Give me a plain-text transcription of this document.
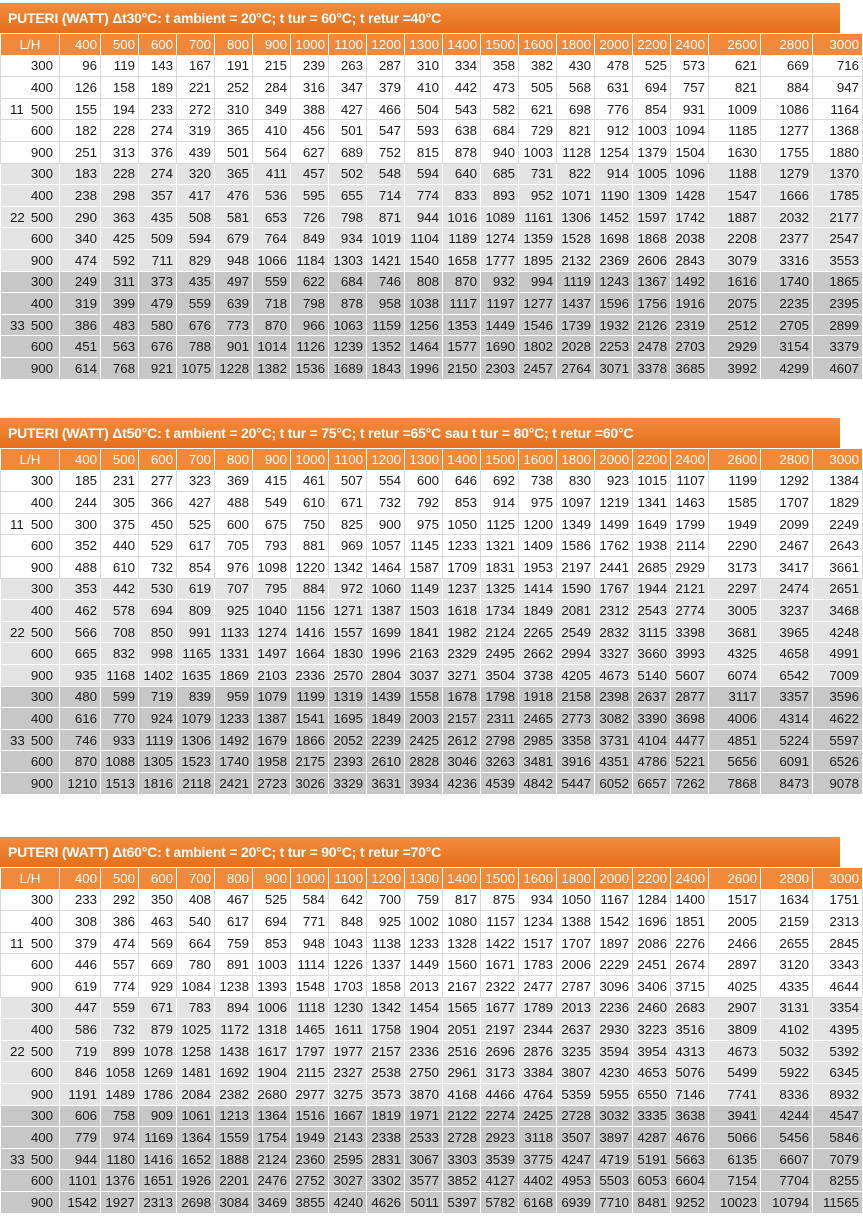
PUTERI (WATT) Δt30°C: t ambient = 20°C; t tur = 60°C; t retur =40°C
L/H	400	500	600	700	800	900	1000	1100	1200	1300	1400	1500	1600	1800	2000	2200	2400	2600	2800	3000
300	96	119	143	167	191	215	239	263	287	310	334	358	382	430	478	525	573	621	669	716
400	126	158	189	221	252	284	316	347	379	410	442	473	505	568	631	694	757	821	884	947

11 500	155	194	233	272	310	349	388	427	466	504	543	582	621	698	776	854	931	1009	1086	1164
600	182	228	274	319	365	410	456	501	547	593	638	684	729	821	912	1003	1094	1185	1277	1368
900	251	313	376	439	501	564	627	689	752	815	878	940	1003	1128	1254	1379	1504	1630	1755	1880
300	183	228	274	320	365	411	457	502	548	594	640	685	731	822	914	1005	1096	1188	1279	1370
400	238	298	357	417	476	536	595	655	714	774	833	893	952	1071	1190	1309	1428	1547	1666	1785

22 500	290	363	435	508	581	653	726	798	871	944	1016	1089	1161	1306	1452	1597	1742	1887	2032	2177
600	340	425	509	594	679	764	849	934	1019	1104	1189	1274	1359	1528	1698	1868	2038	2208	2377	2547
900	474	592	711	829	948	1066	1184	1303	1421	1540	1658	1777	1895	2132	2369	2606	2843	3079	3316	3553
300	249	311	373	435	497	559	622	684	746	808	870	932	994	1119	1243	1367	1492	1616	1740	1865
400	319	399	479	559	639	718	798	878	958	1038	1117	1197	1277	1437	1596	1756	1916	2075	2235	2395

33 500	386	483	580	676	773	870	966	1063	1159	1256	1353	1449	1546	1739	1932	2126	2319	2512	2705	2899
600	451	563	676	788	901	1014	1126	1239	1352	1464	1577	1690	1802	2028	2253	2478	2703	2929	3154	3379
900	614	768	921	1075	1228	1382	1536	1689	1843	1996	2150	2303	2457	2764	3071	3378	3685	3992	4299	4607
PUTERI (WATT) Δt50°C: t ambient = 20°C; t tur = 75°C; t retur =65°C sau t tur = 80°C; t retur =60°C
L/H	400	500	600	700	800	900	1000	1100	1200	1300	1400	1500	1600	1800	2000	2200	2400	2600	2800	3000
300	185	231	277	323	369	415	461	507	554	600	646	692	738	830	923	1015	1107	1199	1292	1384
400	244	305	366	427	488	549	610	671	732	792	853	914	975	1097	1219	1341	1463	1585	1707	1829

11 500	300	375	450	525	600	675	750	825	900	975	1050	1125	1200	1349	1499	1649	1799	1949	2099	2249
600	352	440	529	617	705	793	881	969	1057	1145	1233	1321	1409	1586	1762	1938	2114	2290	2467	2643
900	488	610	732	854	976	1098	1220	1342	1464	1587	1709	1831	1953	2197	2441	2685	2929	3173	3417	3661
300	353	442	530	619	707	795	884	972	1060	1149	1237	1325	1414	1590	1767	1944	2121	2297	2474	2651
400	462	578	694	809	925	1040	1156	1271	1387	1503	1618	1734	1849	2081	2312	2543	2774	3005	3237	3468

22 500	566	708	850	991	1133	1274	1416	1557	1699	1841	1982	2124	2265	2549	2832	3115	3398	3681	3965	4248
600	665	832	998	1165	1331	1497	1664	1830	1996	2163	2329	2495	2662	2994	3327	3660	3993	4325	4658	4991
900	935	1168	1402	1635	1869	2103	2336	2570	2804	3037	3271	3504	3738	4205	4673	5140	5607	6074	6542	7009
300	480	599	719	839	959	1079	1199	1319	1439	1558	1678	1798	1918	2158	2398	2637	2877	3117	3357	3596
400	616	770	924	1079	1233	1387	1541	1695	1849	2003	2157	2311	2465	2773	3082	3390	3698	4006	4314	4622

33 500	746	933	1119	1306	1492	1679	1866	2052	2239	2425	2612	2798	2985	3358	3731	4104	4477	4851	5224	5597
600	870	1088	1305	1523	1740	1958	2175	2393	2610	2828	3046	3263	3481	3916	4351	4786	5221	5656	6091	6526
900	1210	1513	1816	2118	2421	2723	3026	3329	3631	3934	4236	4539	4842	5447	6052	6657	7262	7868	8473	9078
PUTERI (WATT) Δt60°C: t ambient = 20°C; t tur = 90°C; t retur =70°C
L/H	400	500	600	700	800	900	1000	1100	1200	1300	1400	1500	1600	1800	2000	2200	2400	2600	2800	3000
300	233	292	350	408	467	525	584	642	700	759	817	875	934	1050	1167	1284	1400	1517	1634	1751
400	308	386	463	540	617	694	771	848	925	1002	1080	1157	1234	1388	1542	1696	1851	2005	2159	2313

11 500	379	474	569	664	759	853	948	1043	1138	1233	1328	1422	1517	1707	1897	2086	2276	2466	2655	2845
600	446	557	669	780	891	1003	1114	1226	1337	1449	1560	1671	1783	2006	2229	2451	2674	2897	3120	3343
900	619	774	929	1084	1238	1393	1548	1703	1858	2013	2167	2322	2477	2787	3096	3406	3715	4025	4335	4644
300	447	559	671	783	894	1006	1118	1230	1342	1454	1565	1677	1789	2013	2236	2460	2683	2907	3131	3354
400	586	732	879	1025	1172	1318	1465	1611	1758	1904	2051	2197	2344	2637	2930	3223	3516	3809	4102	4395

22 500	719	899	1078	1258	1438	1617	1797	1977	2157	2336	2516	2696	2876	3235	3594	3954	4313	4673	5032	5392
600	846	1058	1269	1481	1692	1904	2115	2327	2538	2750	2961	3173	3384	3807	4230	4653	5076	5499	5922	6345
900	1191	1489	1786	2084	2382	2680	2977	3275	3573	3870	4168	4466	4764	5359	5955	6550	7146	7741	8336	8932
300	606	758	909	1061	1213	1364	1516	1667	1819	1971	2122	2274	2425	2728	3032	3335	3638	3941	4244	4547
400	779	974	1169	1364	1559	1754	1949	2143	2338	2533	2728	2923	3118	3507	3897	4287	4676	5066	5456	5846

33 500	944	1180	1416	1652	1888	2124	2360	2595	2831	3067	3303	3539	3775	4247	4719	5191	5663	6135	6607	7079
600	1101	1376	1651	1926	2201	2476	2752	3027	3302	3577	3852	4127	4402	4953	5503	6053	6604	7154	7704	8255
900	1542	1927	2313	2698	3084	3469	3855	4240	4626	5011	5397	5782	6168	6939	7710	8481	9252	10023	10794	11565
